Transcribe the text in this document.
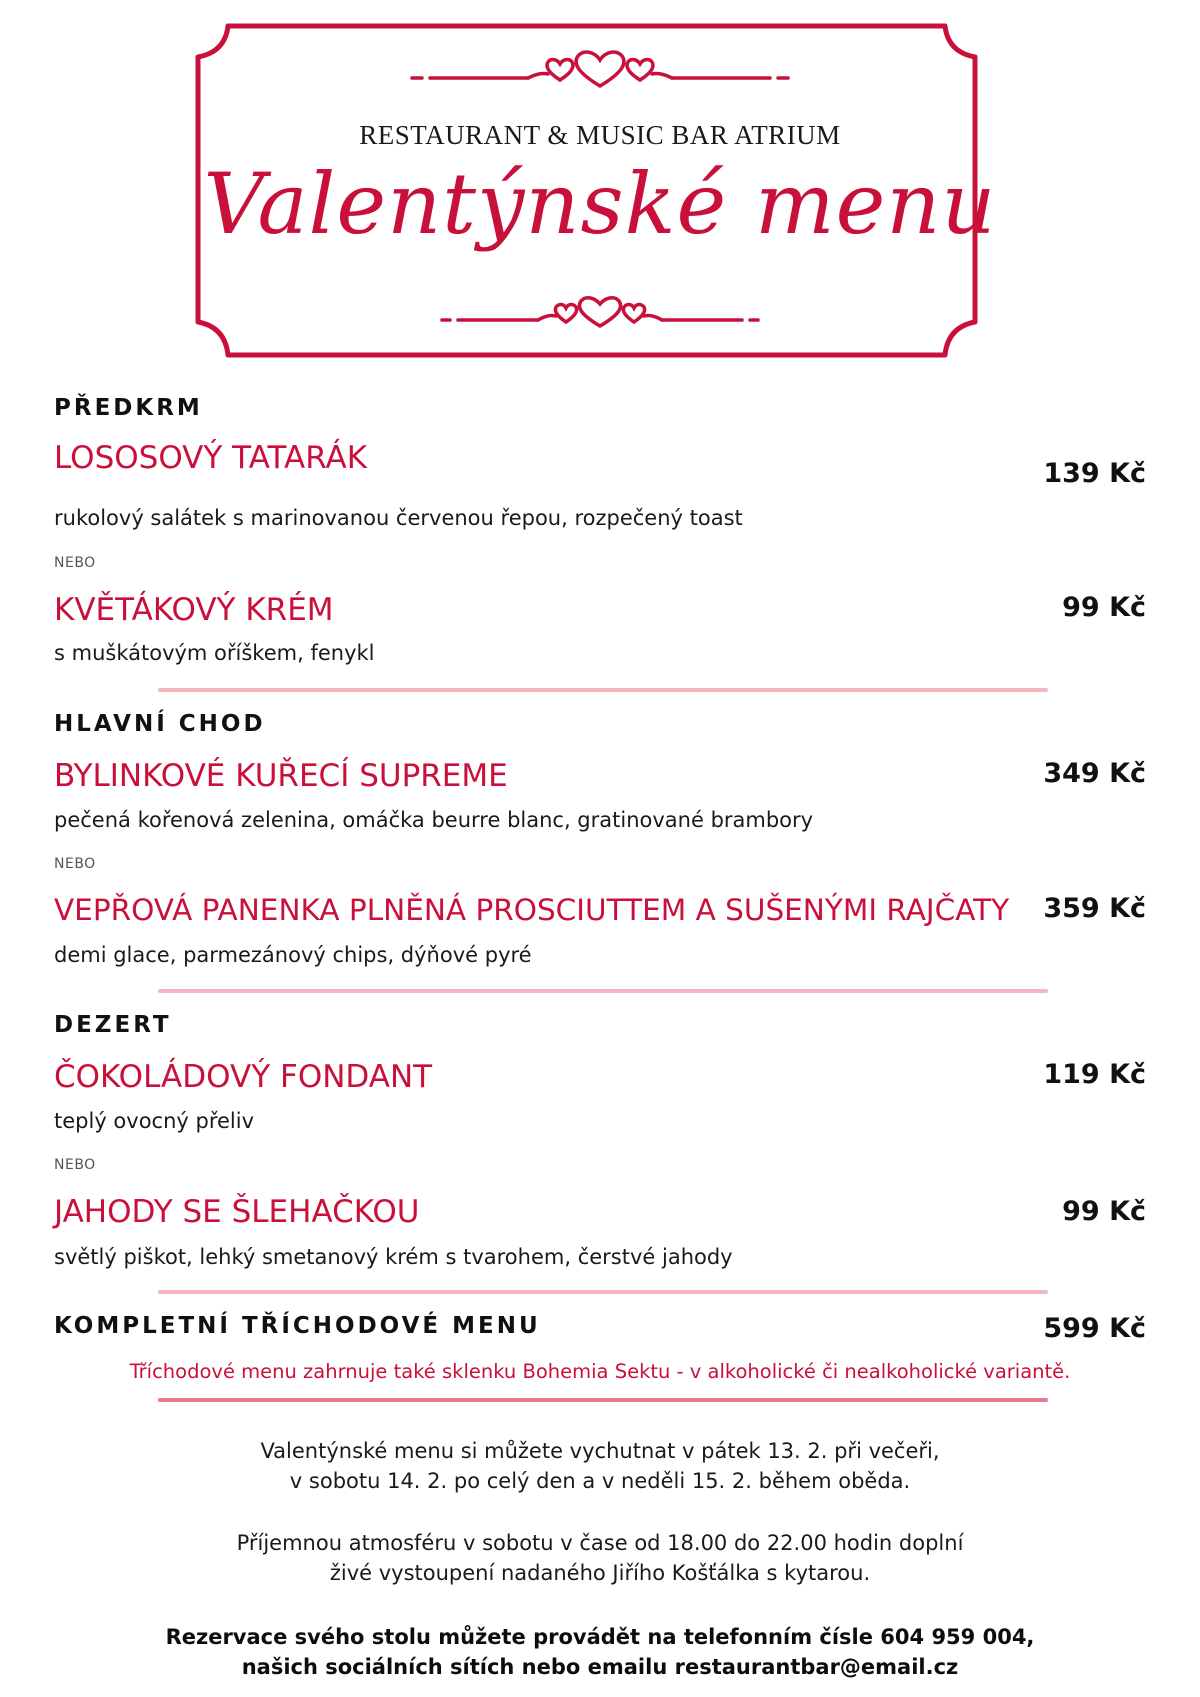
RESTAURANT & MUSIC BAR ATRIUM
Valentýnské menu
PŘEDKRM
LOSOSOVÝ TATARÁK	139 Kč
rukolový salátek s marinovanou červenou řepou, rozpečený toast
NEBO
KVĚTÁKOVÝ KRÉM	99 Kč
s muškátovým oříškem, fenykl
HLAVNÍ CHOD
BYLINKOVÉ KUŘECÍ SUPREME	349 Kč
pečená kořenová zelenina, omáčka beurre blanc, gratinované brambory
NEBO
VEPŘOVÁ PANENKA PLNĚNÁ PROSCIUTTEM A SUŠENÝMI RAJČATY 359 Kč
demi glace, parmezánový chips, dýňové pyré
DEZERT
ČOKOLÁDOVÝ FONDANT	119 Kč
teplý ovocný přeliv
NEBO
JAHODY SE ŠLEHAČKOU	99 Kč
světlý piškot, lehký smetanový krém s tvarohem, čerstvé jahody
KOMPLETNÍ TŘÍCHODOVÉ MENU	599 Kč
Tříchodové menu zahrnuje také sklenku Bohemia Sektu - v alkoholické či nealkoholické variantě.
Valentýnské menu si můžete vychutnat v pátek 13. 2. při večeři,
v sobotu 14. 2. po celý den a v neděli 15. 2. během oběda.
Příjemnou atmosféru v sobotu v čase od 18.00 do 22.00 hodin doplní
živé vystoupení nadaného Jiřího Košťálka s kytarou.
Rezervace svého stolu můžete provádět na telefonním čísle 604 959 004,
našich sociálních sítích nebo emailu restaurantbar@email.cz
